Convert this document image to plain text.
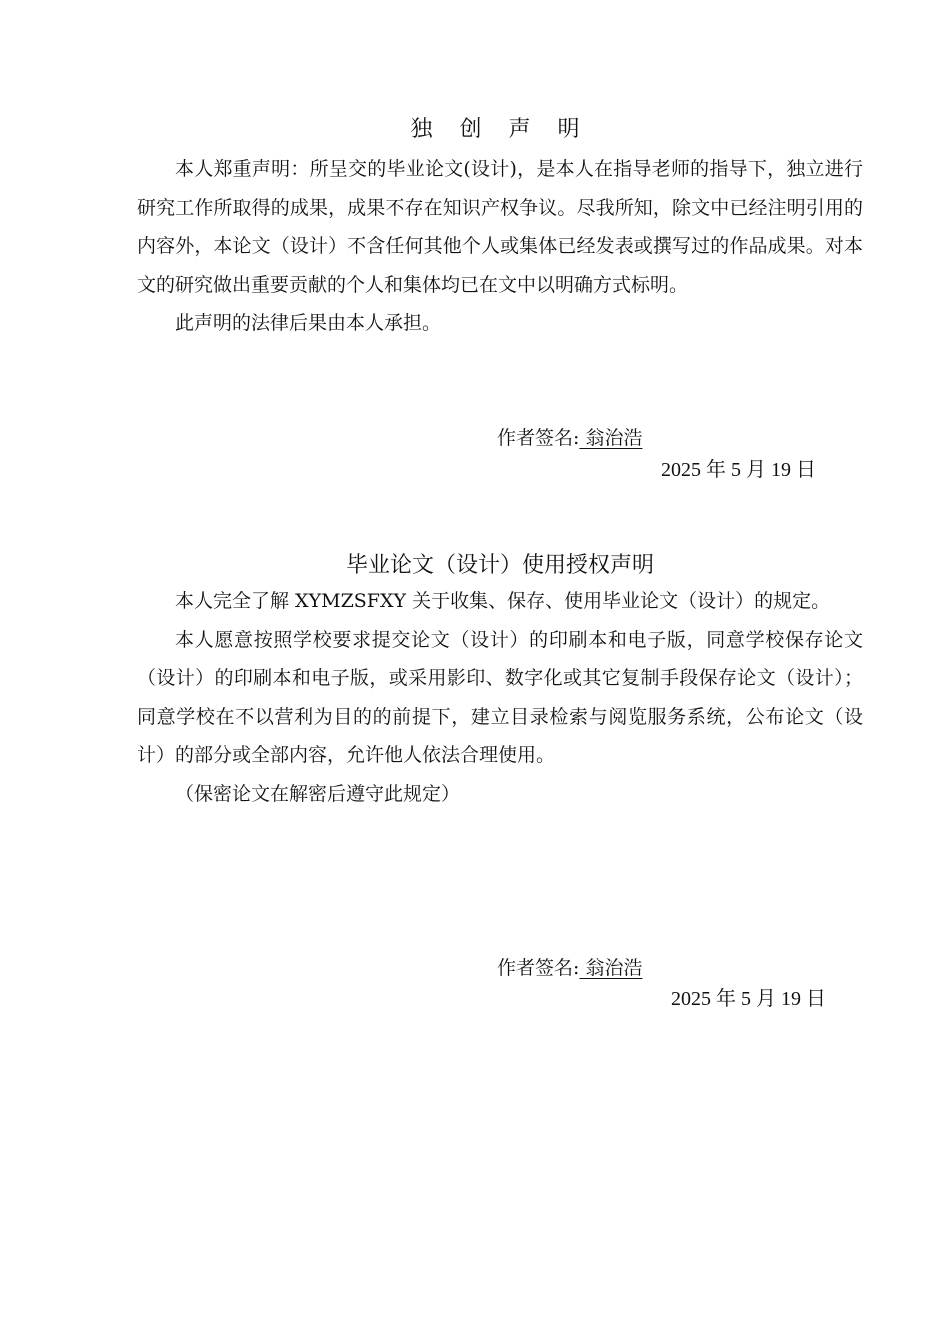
独 创 声 明

本人郑重声明：所呈交的毕业论文(设计)，是本人在指导老师的指导下，独立进行研究工作所取得的成果，成果不存在知识产权争议。尽我所知，除文中已经注明引用的内容外，本论文（设计）不含任何其他个人或集体已经发表或撰写过的作品成果。对本文的研究做出重要贡献的个人和集体均已在文中以明确方式标明。

此声明的法律后果由本人承担。

作者签名: 翁治浩
2025 年 5 月 19 日
毕业论文（设计）使用授权声明

本人完全了解 XYMZSFXY 关于收集、保存、使用毕业论文（设计）的规定。

本人愿意按照学校要求提交论文（设计）的印刷本和电子版，同意学校保存论文（设计）的印刷本和电子版，或采用影印、数字化或其它复制手段保存论文（设计）；同意学校在不以营利为目的的前提下，建立目录检索与阅览服务系统，公布论文（设计）的部分或全部内容，允许他人依法合理使用。

（保密论文在解密后遵守此规定）

作者签名: 翁治浩
2025 年 5 月 19 日
